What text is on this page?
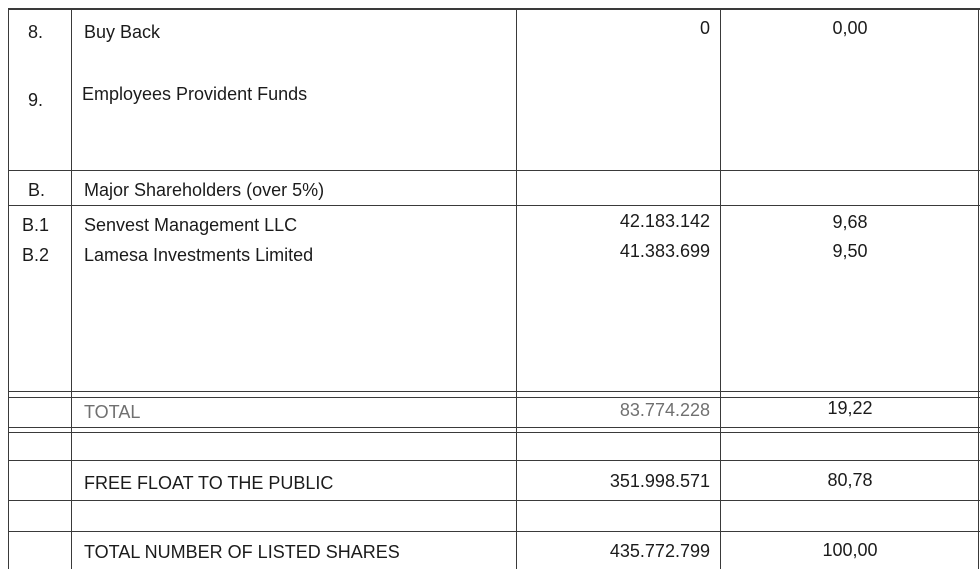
8. Buy Back	0	0,00
9. Employees Provident Funds
B. Major Shareholders (over 5%)
B.1 Senvest Management LLC	42.183.142	9,68
B.2 Lamesa Investments Limited	41.383.699	9,50
TOTAL	83.774.228	19,22
FREE FLOAT TO THE PUBLIC	351.998.571	80,78
TOTAL NUMBER OF LISTED SHARES	435.772.799	100,00
